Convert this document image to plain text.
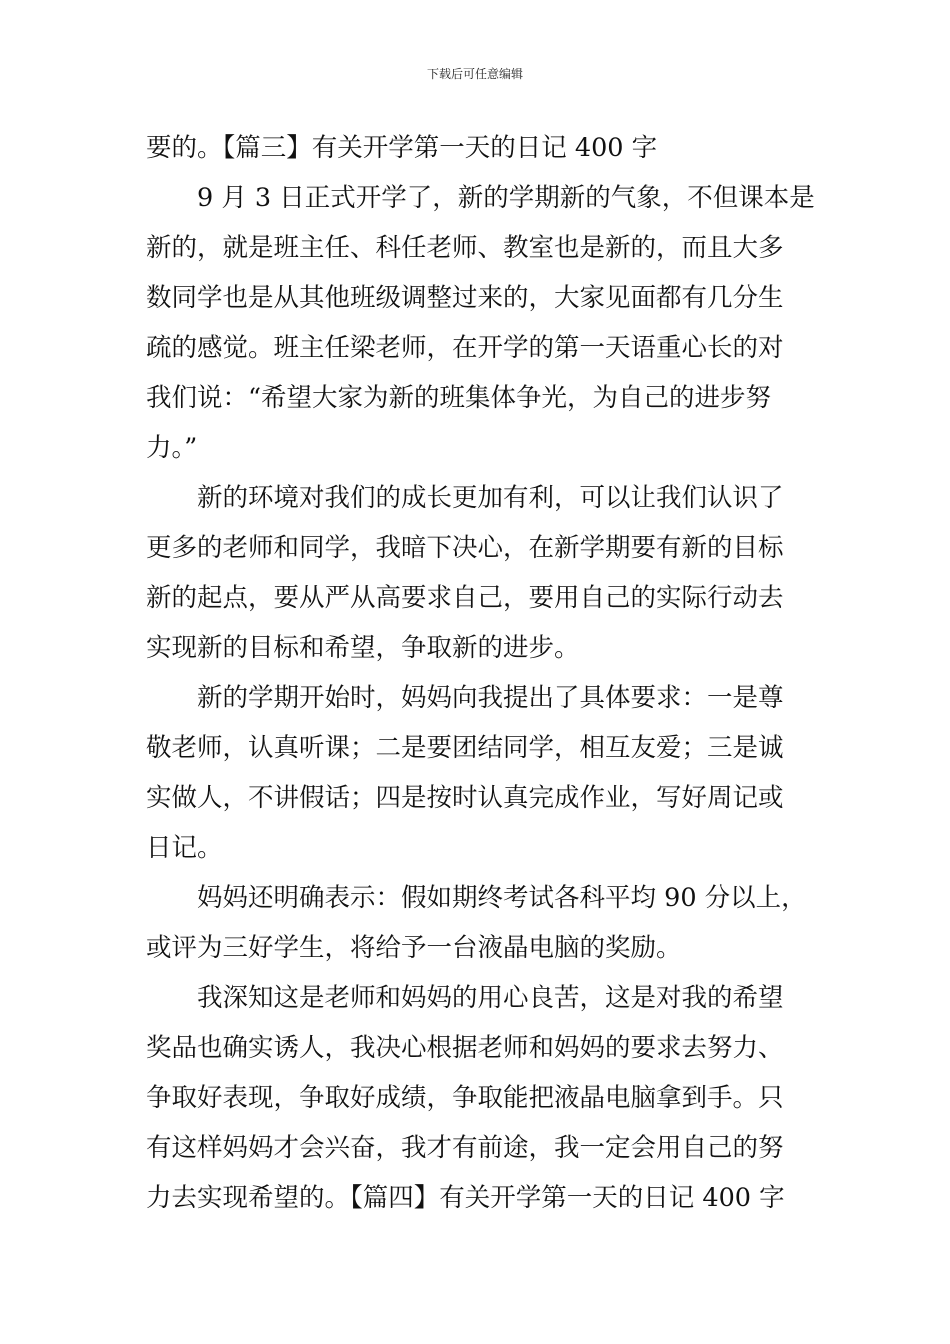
下载后可任意编辑
要的。【篇三】有关开学第一天的日记 400 字
9 月 3 日正式开学了，新的学期新的气象，不但课本是
新的，就是班主任、科任老师、教室也是新的，而且大多
数同学也是从其他班级调整过来的，大家见面都有几分生
疏的感觉。班主任梁老师，在开学的第一天语重心长的对
我们说：“希望大家为新的班集体争光，为自己的进步努
力。”
新的环境对我们的成长更加有利，可以让我们认识了
更多的老师和同学，我暗下决心，在新学期要有新的目标
新的起点，要从严从高要求自己，要用自己的实际行动去
实现新的目标和希望，争取新的进步。
新的学期开始时，妈妈向我提出了具体要求：一是尊
敬老师，认真听课；二是要团结同学，相互友爱；三是诚
实做人，不讲假话；四是按时认真完成作业，写好周记或
日记。
妈妈还明确表示：假如期终考试各科平均 90 分以上，
或评为三好学生，将给予一台液晶电脑的奖励。
我深知这是老师和妈妈的用心良苦，这是对我的希望
奖品也确实诱人，我决心根据老师和妈妈的要求去努力、
争取好表现，争取好成绩，争取能把液晶电脑拿到手。只
有这样妈妈才会兴奋，我才有前途，我一定会用自己的努
力去实现希望的。【篇四】有关开学第一天的日记 400 字
